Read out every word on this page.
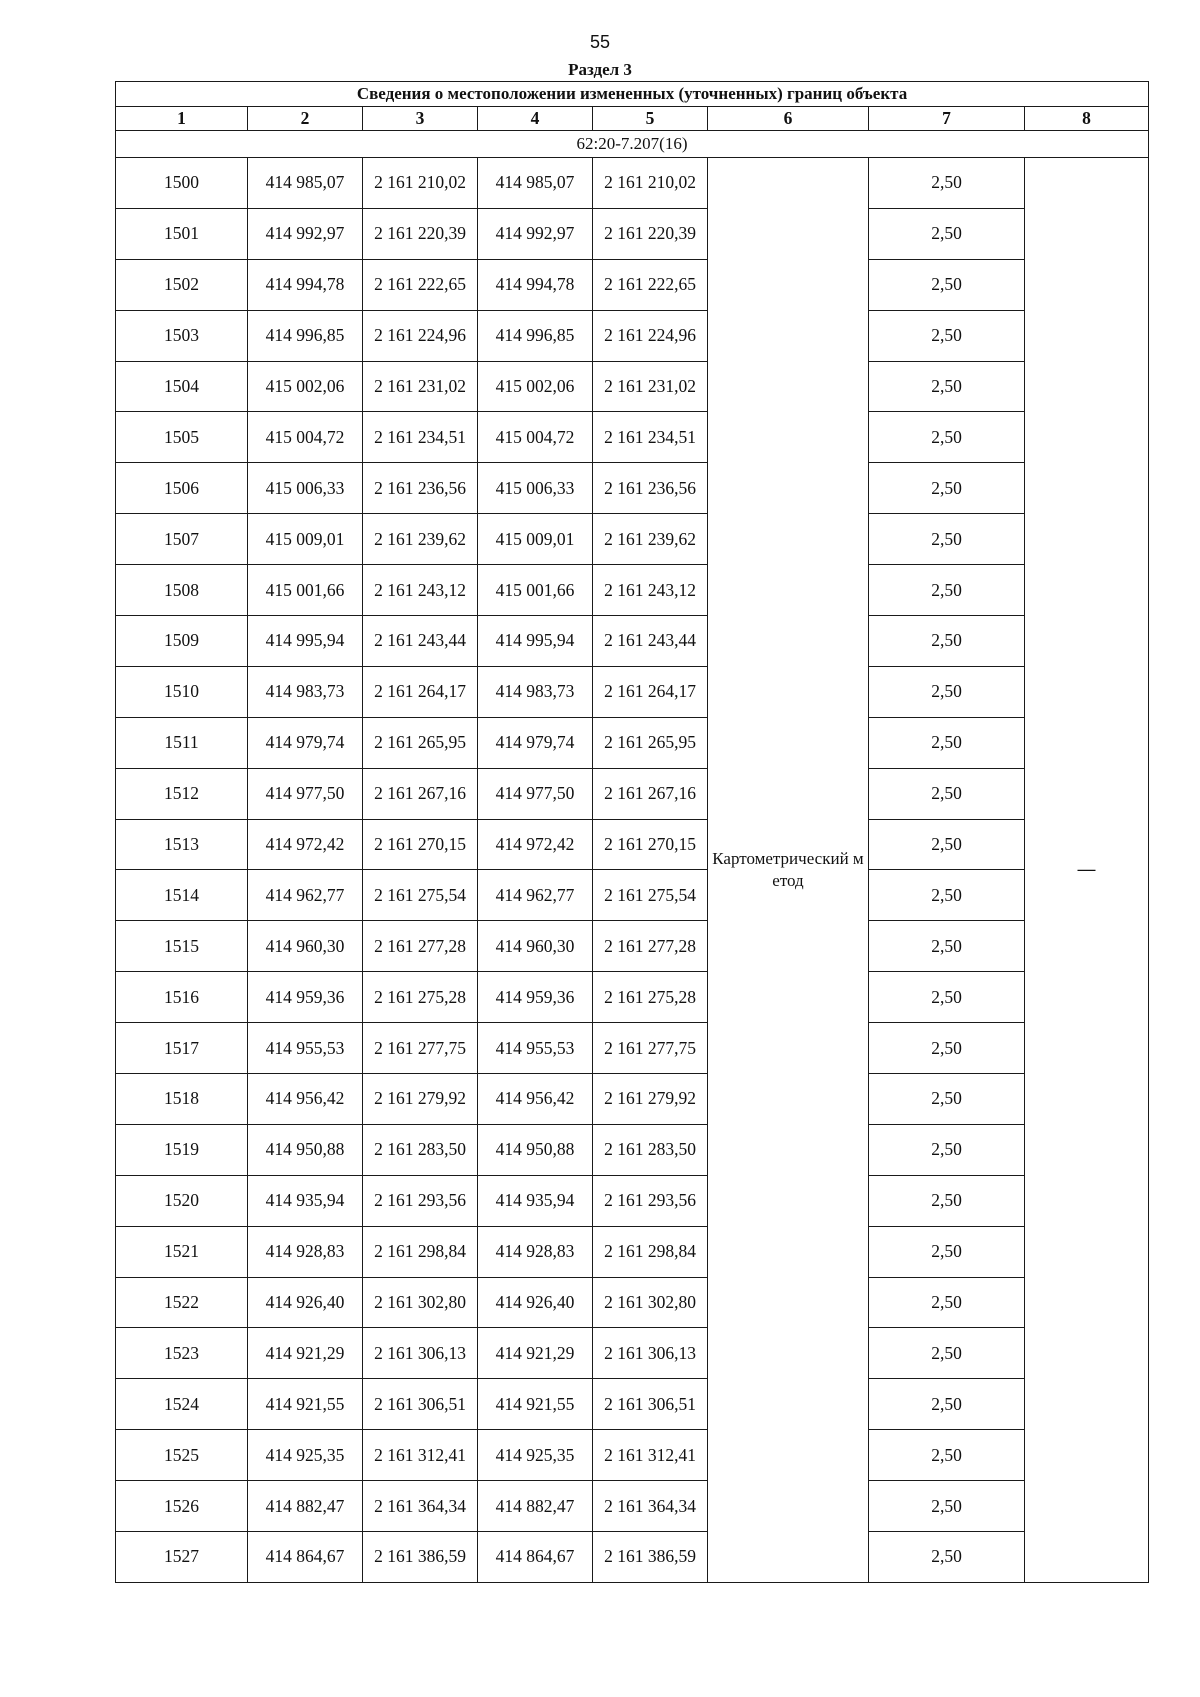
55
Раздел 3
Сведения о местоположении измененных (уточненных) границ объекта							
1	2	3	4	5	6	7	8
62:20-7.207(16)							
1500	414 985,07	2 161 210,02	414 985,07	2 161 210,02	Картометрический метод	2,50	—
1501	414 992,97	2 161 220,39	414 992,97	2 161 220,39		2,50	
1502	414 994,78	2 161 222,65	414 994,78	2 161 222,65		2,50	
1503	414 996,85	2 161 224,96	414 996,85	2 161 224,96		2,50	
1504	415 002,06	2 161 231,02	415 002,06	2 161 231,02		2,50	
1505	415 004,72	2 161 234,51	415 004,72	2 161 234,51		2,50	
1506	415 006,33	2 161 236,56	415 006,33	2 161 236,56		2,50	
1507	415 009,01	2 161 239,62	415 009,01	2 161 239,62		2,50	
1508	415 001,66	2 161 243,12	415 001,66	2 161 243,12		2,50	
1509	414 995,94	2 161 243,44	414 995,94	2 161 243,44		2,50	
1510	414 983,73	2 161 264,17	414 983,73	2 161 264,17		2,50	
1511	414 979,74	2 161 265,95	414 979,74	2 161 265,95		2,50	
1512	414 977,50	2 161 267,16	414 977,50	2 161 267,16		2,50	
1513	414 972,42	2 161 270,15	414 972,42	2 161 270,15		2,50	
1514	414 962,77	2 161 275,54	414 962,77	2 161 275,54		2,50	
1515	414 960,30	2 161 277,28	414 960,30	2 161 277,28		2,50	
1516	414 959,36	2 161 275,28	414 959,36	2 161 275,28		2,50	
1517	414 955,53	2 161 277,75	414 955,53	2 161 277,75		2,50	
1518	414 956,42	2 161 279,92	414 956,42	2 161 279,92		2,50	
1519	414 950,88	2 161 283,50	414 950,88	2 161 283,50		2,50	
1520	414 935,94	2 161 293,56	414 935,94	2 161 293,56		2,50	
1521	414 928,83	2 161 298,84	414 928,83	2 161 298,84		2,50	
1522	414 926,40	2 161 302,80	414 926,40	2 161 302,80		2,50	
1523	414 921,29	2 161 306,13	414 921,29	2 161 306,13		2,50	
1524	414 921,55	2 161 306,51	414 921,55	2 161 306,51		2,50	
1525	414 925,35	2 161 312,41	414 925,35	2 161 312,41		2,50	
1526	414 882,47	2 161 364,34	414 882,47	2 161 364,34		2,50	
1527	414 864,67	2 161 386,59	414 864,67	2 161 386,59		2,50	
